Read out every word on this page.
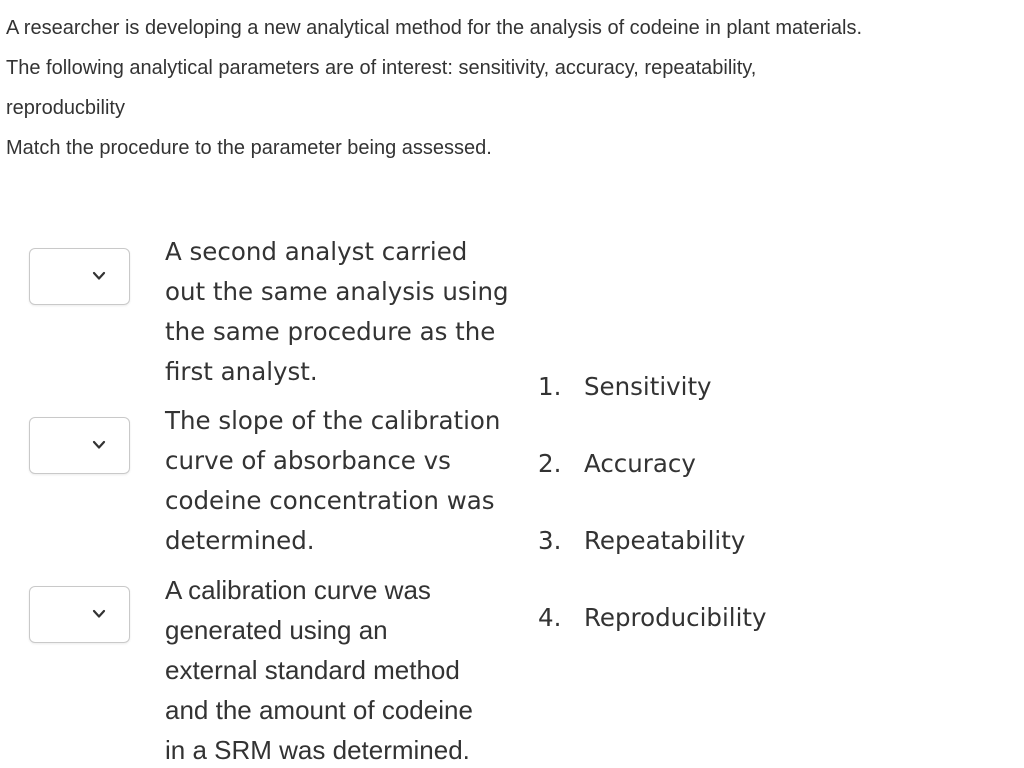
A researcher is developing a new analytical method for the analysis of codeine in plant materials.
The following analytical parameters are of interest: sensitivity, accuracy, repeatability,
reproducbility

Match the procedure to the parameter being assessed.

A second analyst carried
out the same analysis using
the same procedure as the
first analyst.
The slope of the calibration
curve of absorbance vs
codeine concentration was
determined.
A calibration curve was
generated using an
external standard method
and the amount of codeine
in a SRM was determined.
1. Sensitivity
2. Accuracy
3. Repeatability
4. Reproducibility
